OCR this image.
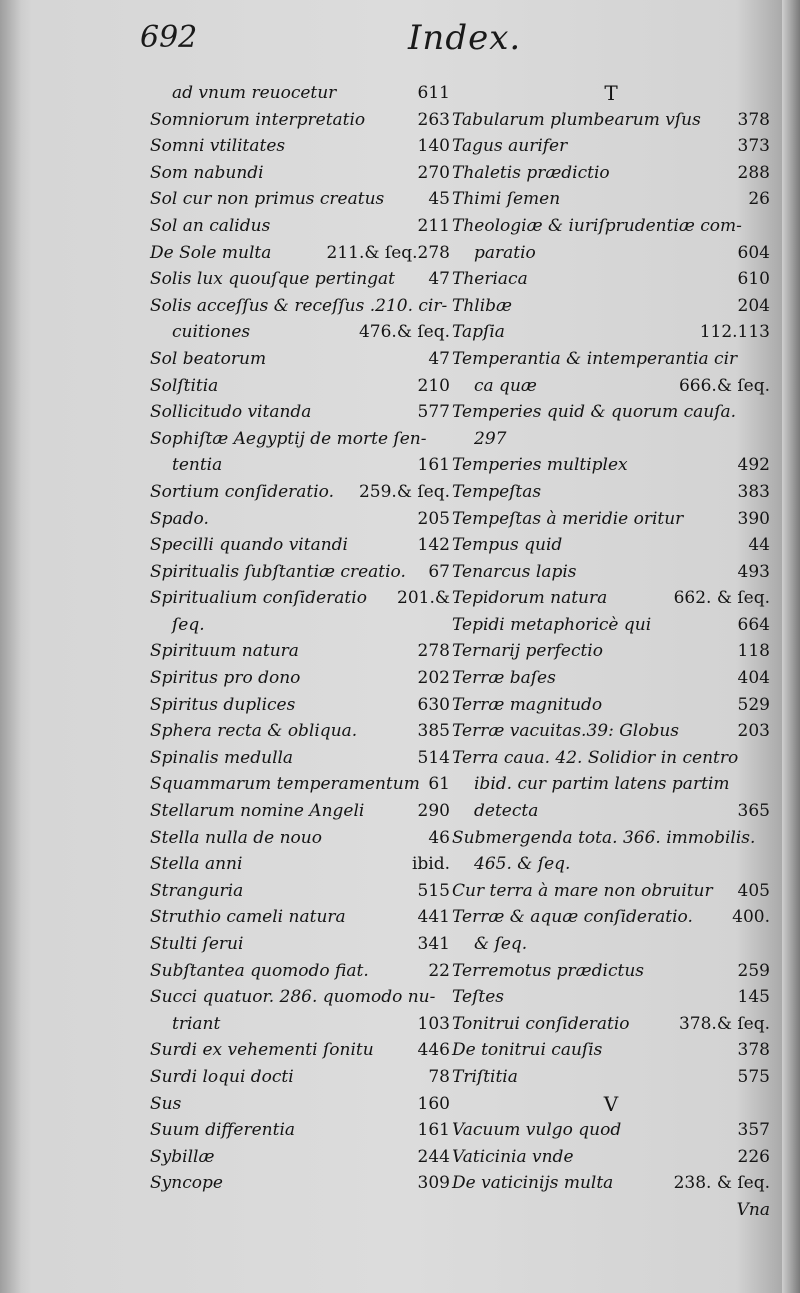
692	Index.
ad vnum reuocetur	611
Somniorum interpretatio	263
Somni vtilitates	140
Som nabundi	270
Sol cur non primus creatus	45
Sol an calidus	211
De Sole multa	211.& ſeq.278
Solis lux quouſque pertingat 47
Solis acceſſus & receſſus .210. cir-
cuitiones	476.& ſeq.
Sol beatorum	47
Solſtitia	210
Sollicitudo vitanda	577
Sophiſtæ Aegyptij de morte ſen-
tentia	161
Sortium conſideratio. 259.& ſeq.
Spado.	205
Specilli quando vitandi	142
Spiritualis ſubſtantiæ creatio. 67
Spiritualium conſideratio 201.&
ſeq.
Spirituum natura	278
Spiritus pro dono	202
Spiritus duplices	630
Sphera recta & obliqua.	385
Spinalis medulla	514
Squammarum temperamentum 61
Stellarum nomine Angeli	290
Stella nulla de nouo	46
Stella anni	ibid.
Stranguria	515
Struthio cameli natura	441
Stulti ſerui	341
Subſtantea quomodo fiat.	22
Succi quatuor. 286. quomodo nu-
triant	103
Surdi ex vehementi ſonitu	446
Surdi loqui docti	78
Sus	160
Suum differentia	161
Sybillæ	244
Syncope	309
T
Tabularum plumbearum vſus 378
Tagus aurifer	373
Thaletis prædictio	288
Thimi ſemen	26
Theologiæ & iuriſprudentiæ com-
paratio	604
Theriaca	610
Thlibæ	204
Tapſia	112.113
Temperantia & intemperantia cir
ca quæ	666.& ſeq.
Temperies quid & quorum cauſa.
297
Temperies multiplex	492
Tempeſtas	383
Tempeſtas à meridie oritur	390
Tempus quid	44
Tenarcus lapis	493
Tepidorum natura	662. & ſeq.
Tepidi metaphoricè qui	664
Ternarij perfectio	118
Terræ baſes	404
Terræ magnitudo	529
Terræ vacuitas.39: Globus	203
Terra caua. 42. Solidior in centro
ibid. cur partim latens partim
detecta	365
Submergenda tota. 366. immobilis.
465. & ſeq.
Cur terra à mare non obruitur 405
Terræ & aquæ conſideratio. 400.
& ſeq.
Terremotus prædictus	259
Teſtes	145
Tonitrui conſideratio	378.& ſeq.
De tonitrui cauſis	378
Triſtitia	575
V
Vacuum vulgo quod	357
Vaticinia vnde	226
De vaticinijs multa	238. & ſeq.
Vna
